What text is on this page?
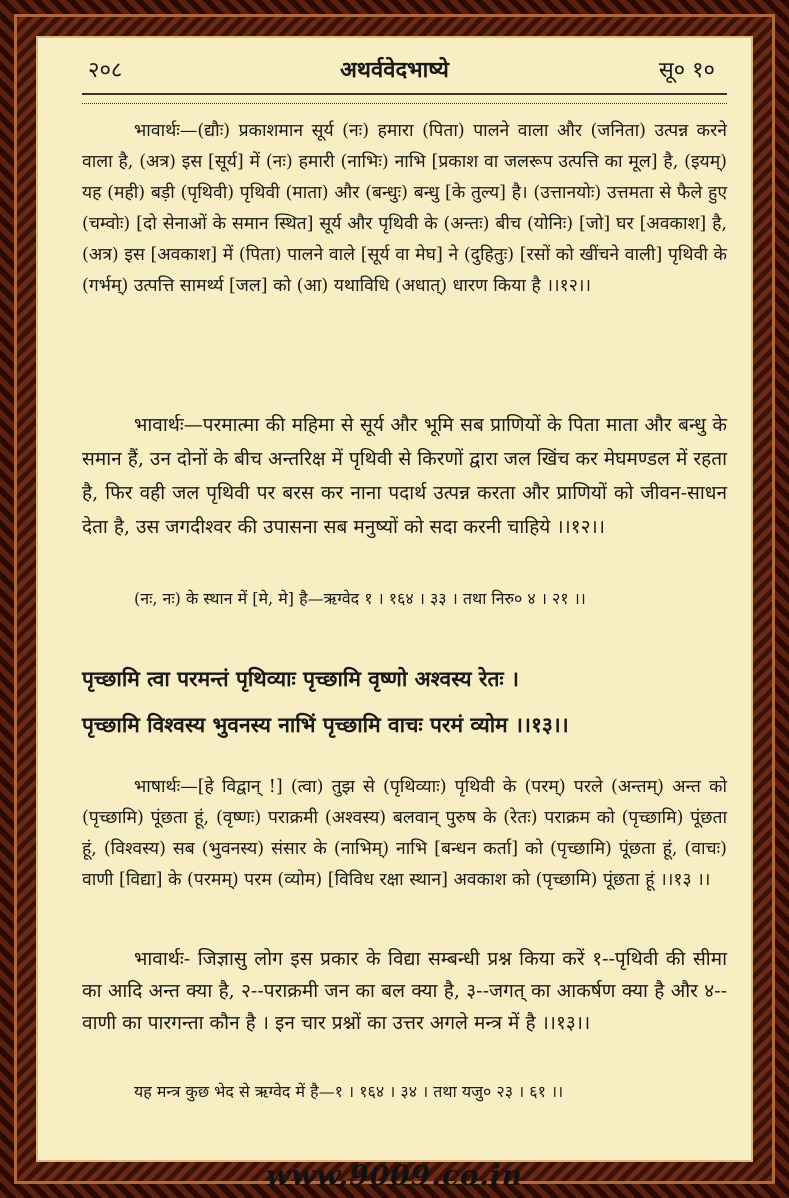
२०८	अथर्ववेदभाष्ये	सू० १०

भावार्थः—(द्यौः) प्रकाशमान सूर्य (नः) हमारा (पिता) पालने वाला और (जनिता) उत्पन्न करने वाला है, (अत्र) इस [सूर्य] में (नः) हमारी (नाभिः) नाभि [प्रकाश वा जलरूप उत्पत्ति का मूल] है, (इयम्) यह (मही) बड़ी (पृथिवी) पृथिवी (माता) और (बन्धुः) बन्धु [के तुल्य] है। (उत्तानयोः) उत्तमता से फैले हुए (चम्वोः) [दो सेनाओं के समान स्थित] सूर्य और पृथिवी के (अन्तः) बीच (योनिः) [जो] घर [अवकाश] है, (अत्र) इस [अवकाश] में (पिता) पालने वाले [सूर्य वा मेघ] ने (दुहितुः) [रसों को खींचने वाली] पृथिवी के (गर्भम्) उत्पत्ति सामर्थ्य [जल] को (आ) यथाविधि (अधात्) धारण किया है ।।१२।।

भावार्थः—परमात्मा की महिमा से सूर्य और भूमि सब प्राणियों के पिता माता और बन्धु के समान हैं, उन दोनों के बीच अन्तरिक्ष में पृथिवी से किरणों द्वारा जल खिंच कर मेघमण्डल में रहता है, फिर वही जल पृथिवी पर बरस कर नाना पदार्थ उत्पन्न करता और प्राणियों को जीवन-साधन देता है, उस जगदीश्वर की उपासना सब मनुष्यों को सदा करनी चाहिये ।।१२।।

(नः, नः) के स्थान में [मे, मे] है—ऋग्वेद १ । १६४ । ३३ । तथा निरु० ४ । २१ ।।

पृच्छामि त्वा परमन्तं पृथिव्याः पृच्छामि वृष्णो अश्वस्य रेतः ।

पृच्छामि विश्वस्य भुवनस्य नाभिं पृच्छामि वाचः परमं व्योम ।।१३।।

भाषार्थः—[हे विद्वान् !] (त्वा) तुझ से (पृथिव्याः) पृथिवी के (परम्) परले (अन्तम्) अन्त को (पृच्छामि) पूंछता हूं, (वृष्णः) पराक्रमी (अश्वस्य) बलवान् पुरुष के (रेतः) पराक्रम को (पृच्छामि) पूंछता हूं, (विश्वस्य) सब (भुवनस्य) संसार के (नाभिम्) नाभि [बन्धन कर्ता] को (पृच्छामि) पूंछता हूं, (वाचः) वाणी [विद्या] के (परमम्) परम (व्योम) [विविध रक्षा स्थान] अवकाश को (पृच्छामि) पूंछता हूं ।।१३ ।।

भावार्थः- जिज्ञासु लोग इस प्रकार के विद्या सम्बन्धी प्रश्न किया करें १--पृथिवी की सीमा का आदि अन्त क्या है, २--पराक्रमी जन का बल क्या है, ३--जगत् का आकर्षण क्या है और ४--वाणी का पारगन्ता कौन है । इन चार प्रश्नों का उत्तर अगले मन्त्र में है ।।१३।।

यह मन्त्र कुछ भेद से ऋग्वेद में है—१ । १६४ । ३४ । तथा यजु० २३ । ६१ ।।

www.9009.co.in
